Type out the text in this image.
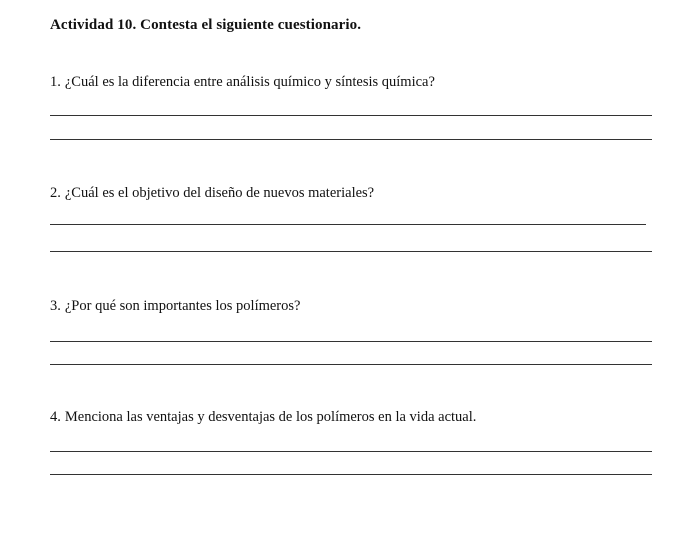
Actividad 10. Contesta el siguiente cuestionario.
1. ¿Cuál es la diferencia entre análisis químico y síntesis química?
2. ¿Cuál es el objetivo del diseño de nuevos materiales?
3. ¿Por qué son importantes los polímeros?
4. Menciona las ventajas y desventajas de los polímeros en la vida actual.
